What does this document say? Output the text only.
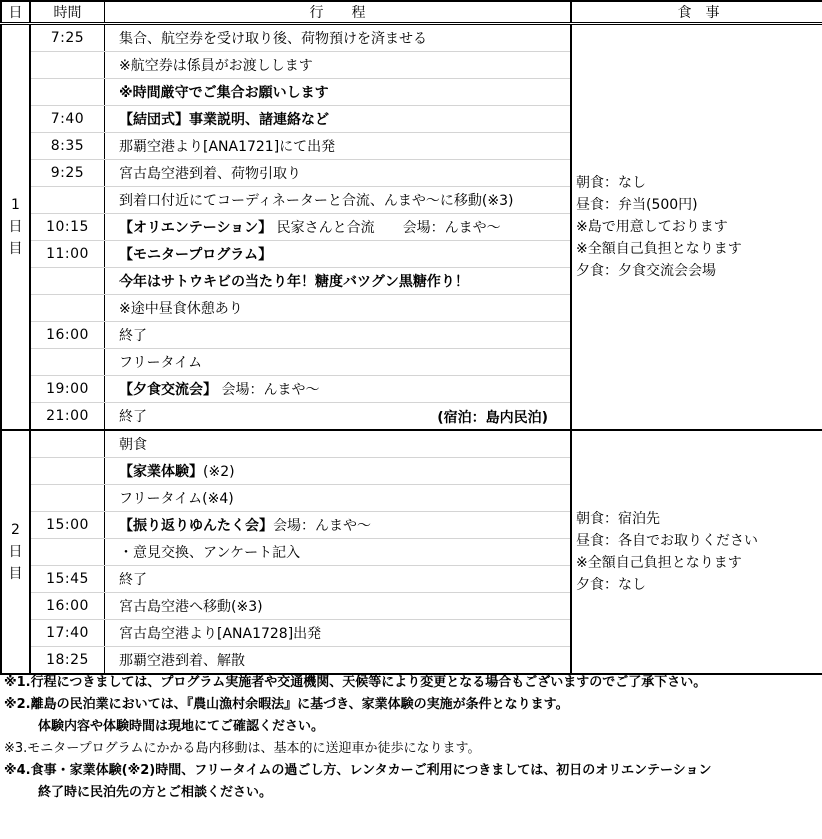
日	時間	行　　程	食　事

1
日
目	7:25	集合、航空券を受け取り後、荷物預けを済ませる	朝食：なし
昼食：弁当(500円)
※島で用意しております
※全額自己負担となります
夕食：夕食交流会会場

		※航空券は係員がお渡しします	
		※時間厳守でご集合お願いします	
	7:40	【結団式】事業説明、諸連絡など	
	8:35	那覇空港より[ANA1721]にて出発	
	9:25	宮古島空港到着、荷物引取り	
		到着口付近にてコーディネーターと合流、んまや～に移動(※3)	
	10:15	【オリエンテーション】 民家さんと合流　　会場：んまや～	
	11:00	【モニタープログラム】	
		今年はサトウキビの当たり年！糖度バツグン黒糖作り！	
		※途中昼食休憩あり	
	16:00	終了	
		フリータイム	
	19:00	【夕食交流会】 会場：んまや～	
	21:00	終了 (宿泊：島内民泊)	

2
日
目		朝食	朝食：宿泊先
昼食：各自でお取りください
※全額自己負担となります
夕食：なし

		【家業体験】(※2)	
		フリータイム(※4)	
	15:00	【振り返りゆんたく会】会場：んまや～	
		・意見交換、アンケート記入	
	15:45	終了	
	16:00	宮古島空港へ移動(※3)	
	17:40	宮古島空港より[ANA1728]出発	
	18:25	那覇空港到着、解散	
※1.行程につきましては、プログラム実施者や交通機関、天候等により変更となる場合もございますのでご了承下さい。
※2.離島の民泊業においては、『農山漁村余暇法』に基づき、家業体験の実施が条件となります。
体験内容や体験時間は現地にてご確認ください。
※3.モニタープログラムにかかる島内移動は、基本的に送迎車か徒歩になります。
※4.食事・家業体験(※2)時間、フリータイムの過ごし方、レンタカーご利用につきましては、初日のオリエンテーション
終了時に民泊先の方とご相談ください。
